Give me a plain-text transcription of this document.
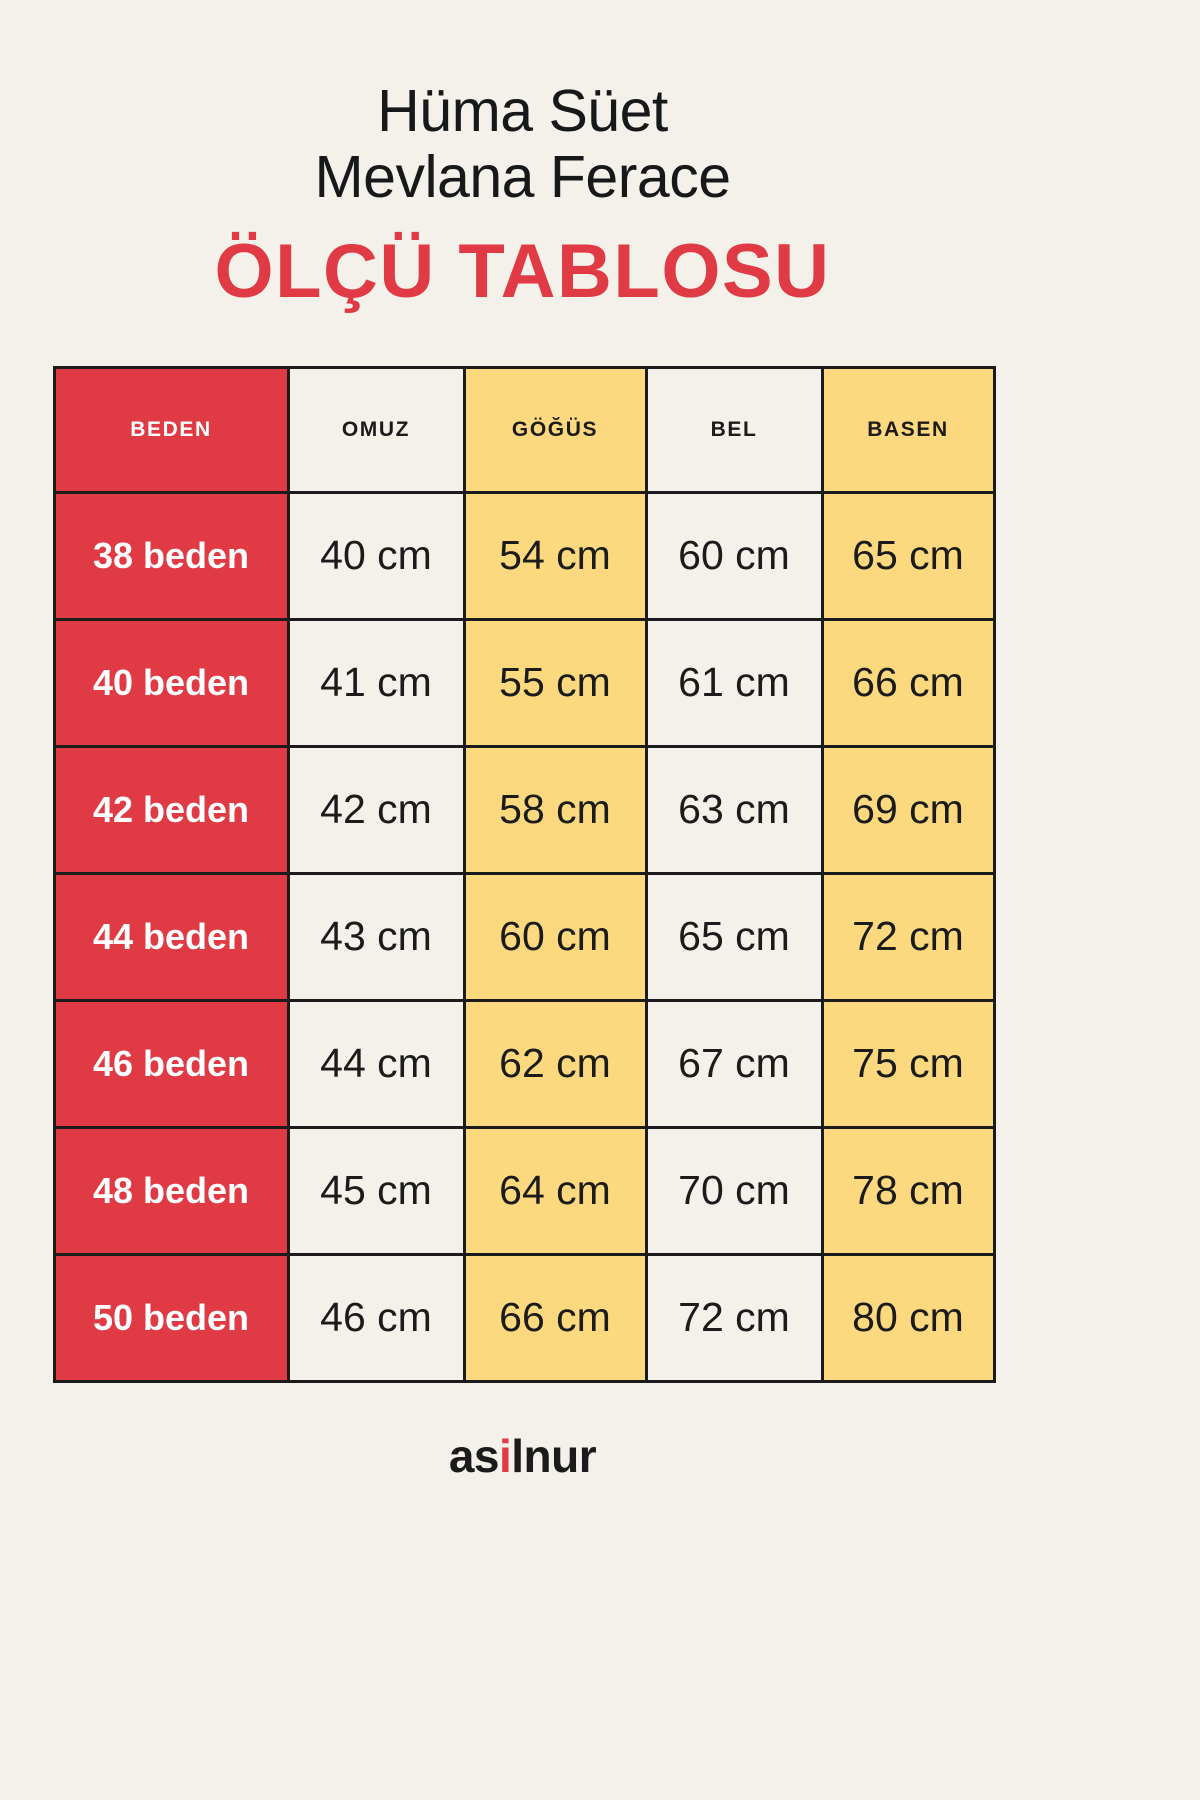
Hüma Süet
Mevlana Ferace
ÖLÇÜ TABLOSU
BEDEN	OMUZ	GÖĞÜS	BEL	BASEN
38 beden	40 cm	54 cm	60 cm	65 cm
40 beden	41 cm	55 cm	61 cm	66 cm
42 beden	42 cm	58 cm	63 cm	69 cm
44 beden	43 cm	60 cm	65 cm	72 cm
46 beden	44 cm	62 cm	67 cm	75 cm
48 beden	45 cm	64 cm	70 cm	78 cm
50 beden	46 cm	66 cm	72 cm	80 cm
asilnur
